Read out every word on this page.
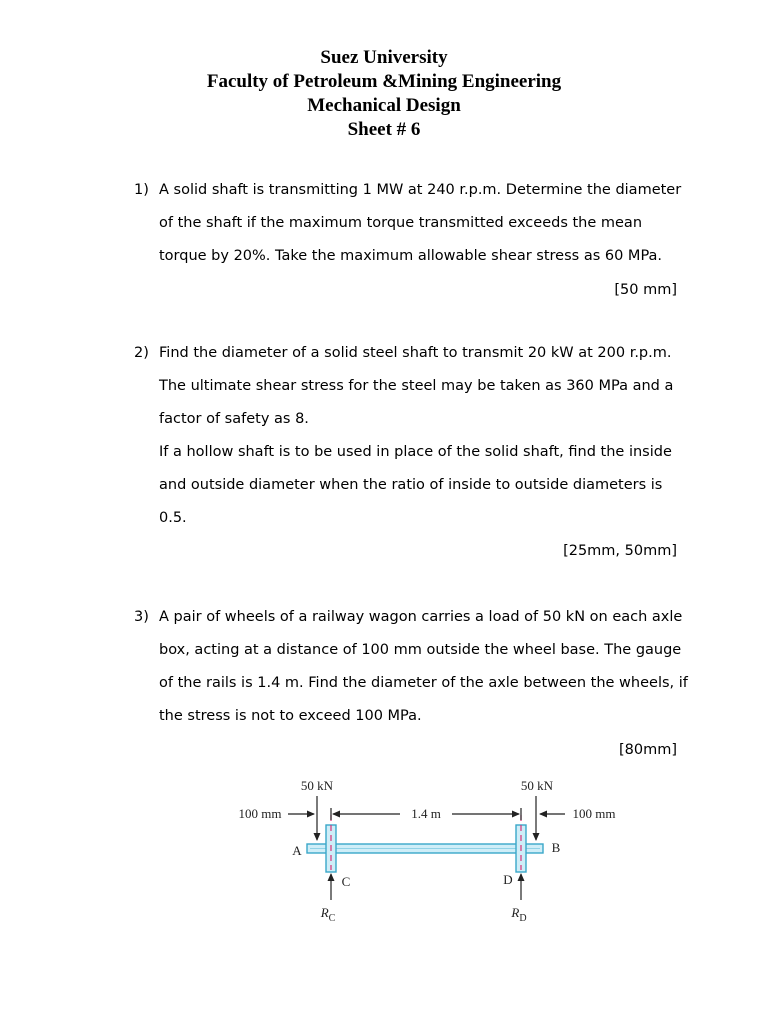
Suez University
Faculty of Petroleum &Mining Engineering
Mechanical Design
Sheet # 6
1) A solid shaft is transmitting 1 MW at 240 r.p.m. Determine the diameter
of the shaft if the maximum torque transmitted exceeds the mean
torque by 20%. Take the maximum allowable shear stress as 60 MPa.
[50 mm]
2) Find the diameter of a solid steel shaft to transmit 20 kW at 200 r.p.m.
The ultimate shear stress for the steel may be taken as 360 MPa and a
factor of safety as 8.
If a hollow shaft is to be used in place of the solid shaft, find the inside
and outside diameter when the ratio of inside to outside diameters is
0.5.
[25mm, 50mm]
3) A pair of wheels of a railway wagon carries a load of 50 kN on each axle
box, acting at a distance of 100 mm outside the wheel base. The gauge
of the rails is 1.4 m. Find the diameter of the axle between the wheels, if
the stress is not to exceed 100 MPa.
[80mm]
50 kN	50 kN
100 mm	100 mm
1.4 m
A	B
C	D
$R_C$	$R_D$
